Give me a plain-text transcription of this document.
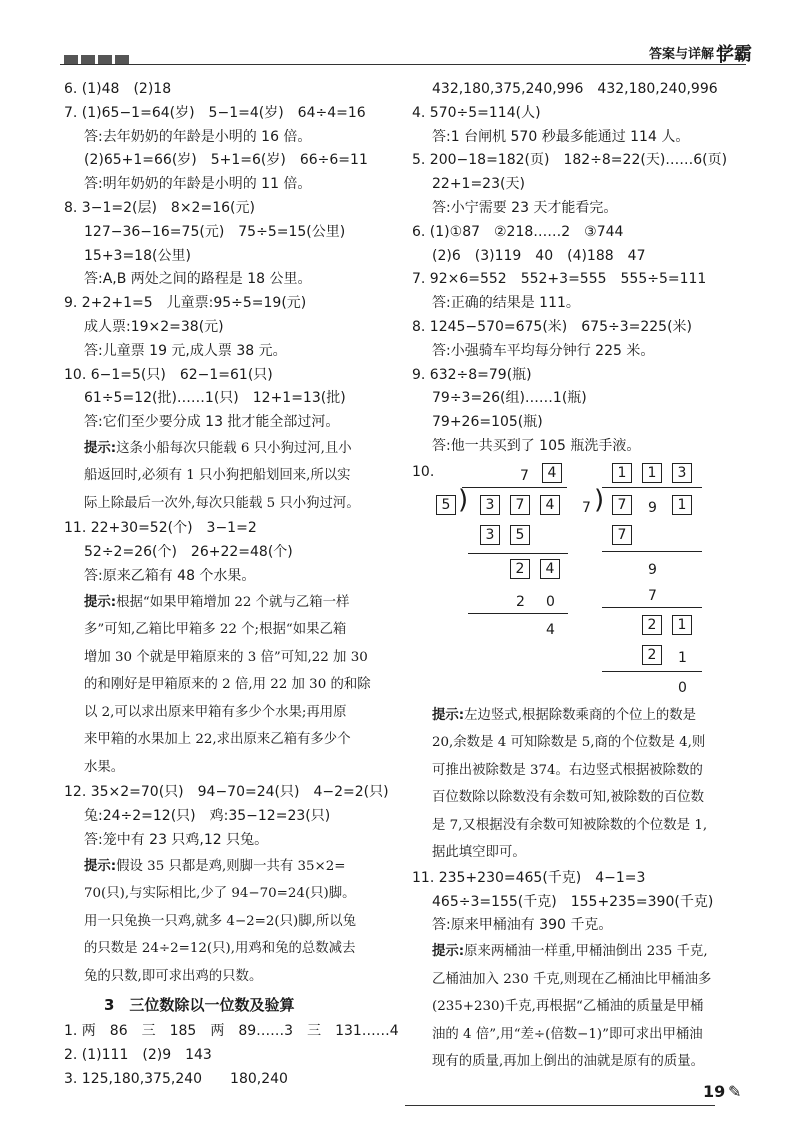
答案与详解 学霸
6. (1)48　(2)18
7. (1)65−1=64(岁)　5−1=4(岁)　64÷4=16
答:去年奶奶的年龄是小明的 16 倍。
(2)65+1=66(岁)　5+1=6(岁)　66÷6=11
答:明年奶奶的年龄是小明的 11 倍。
8. 3−1=2(层)　8×2=16(元)
127−36−16=75(元)　75÷5=15(公里)
15+3=18(公里)
答:A,B 两处之间的路程是 18 公里。
9. 2+2+1=5　儿童票:95÷5=19(元)
成人票:19×2=38(元)
答:儿童票 19 元,成人票 38 元。
10. 6−1=5(只)　62−1=61(只)
61÷5=12(批)……1(只)　12+1=13(批)
答:它们至少要分成 13 批才能全部过河。
提示:这条小船每次只能载 6 只小狗过河,且小
船返回时,必须有 1 只小狗把船划回来,所以实
际上除最后一次外,每次只能载 5 只小狗过河。
11. 22+30=52(个)　3−1=2
52÷2=26(个)　26+22=48(个)
答:原来乙箱有 48 个水果。
提示:根据“如果甲箱增加 22 个就与乙箱一样
多”可知,乙箱比甲箱多 22 个;根据“如果乙箱
增加 30 个就是甲箱原来的 3 倍”可知,22 加 30
的和刚好是甲箱原来的 2 倍,用 22 加 30 的和除
以 2,可以求出原来甲箱有多少个水果;再用原
来甲箱的水果加上 22,求出原来乙箱有多少个
水果。
12. 35×2=70(只)　94−70=24(只)　4−2=2(只)
兔:24÷2=12(只)　鸡:35−12=23(只)
答:笼中有 23 只鸡,12 只兔。
提示:假设 35 只都是鸡,则脚一共有 35×2=
70(只),与实际相比,少了 94−70=24(只)脚。
用一只兔换一只鸡,就多 4−2=2(只)脚,所以兔
的只数是 24÷2=12(只),用鸡和兔的总数减去
兔的只数,即可求出鸡的只数。
3　三位数除以一位数及验算
1. 两　86　三　185　两　89……3　三　131……4
2. (1)111　(2)9　143
3. 125,180,375,240　　180,240
432,180,375,240,996　432,180,240,996
4. 570÷5=114(人)
答:1 台闸机 570 秒最多能通过 114 人。
5. 200−18=182(页)　182÷8=22(天)……6(页)
22+1=23(天)
答:小宁需要 23 天才能看完。
6. (1)①87　②218……2　③744
(2)6　(3)119　40　(4)188　47
7. 92×6=552　552+3=555　555÷5=111
答:正确的结果是 111。
8. 1245−570=675(米)　675÷3=225(米)
答:小强骑车平均每分钟行 225 米。
9. 632÷8=79(瓶)
79÷3=26(组)……1(瓶)
79+26=105(瓶)
答:他一共买到了 105 瓶洗手液。
10.	7	4
5 )	3	7	4
3	5
2	4
2 0
4
1	1	3
7 ) 7	9	1
7
9
7
2	1
2	1
0
提示:左边竖式,根据除数乘商的个位上的数是
20,余数是 4 可知除数是 5,商的个位数是 4,则
可推出被除数是 374。右边竖式根据被除数的
百位数除以除数没有余数可知,被除数的百位数
是 7,又根据没有余数可知被除数的个位数是 1,
据此填空即可。
11. 235+230=465(千克)　4−1=3
465÷3=155(千克)　155+235=390(千克)
答:原来甲桶油有 390 千克。
提示:原来两桶油一样重,甲桶油倒出 235 千克,
乙桶油加入 230 千克,则现在乙桶油比甲桶油多
(235+230)千克,再根据“乙桶油的质量是甲桶
油的 4 倍”,用“差÷(倍数−1)”即可求出甲桶油
现有的质量,再加上倒出的油就是原有的质量。
19 ✎
